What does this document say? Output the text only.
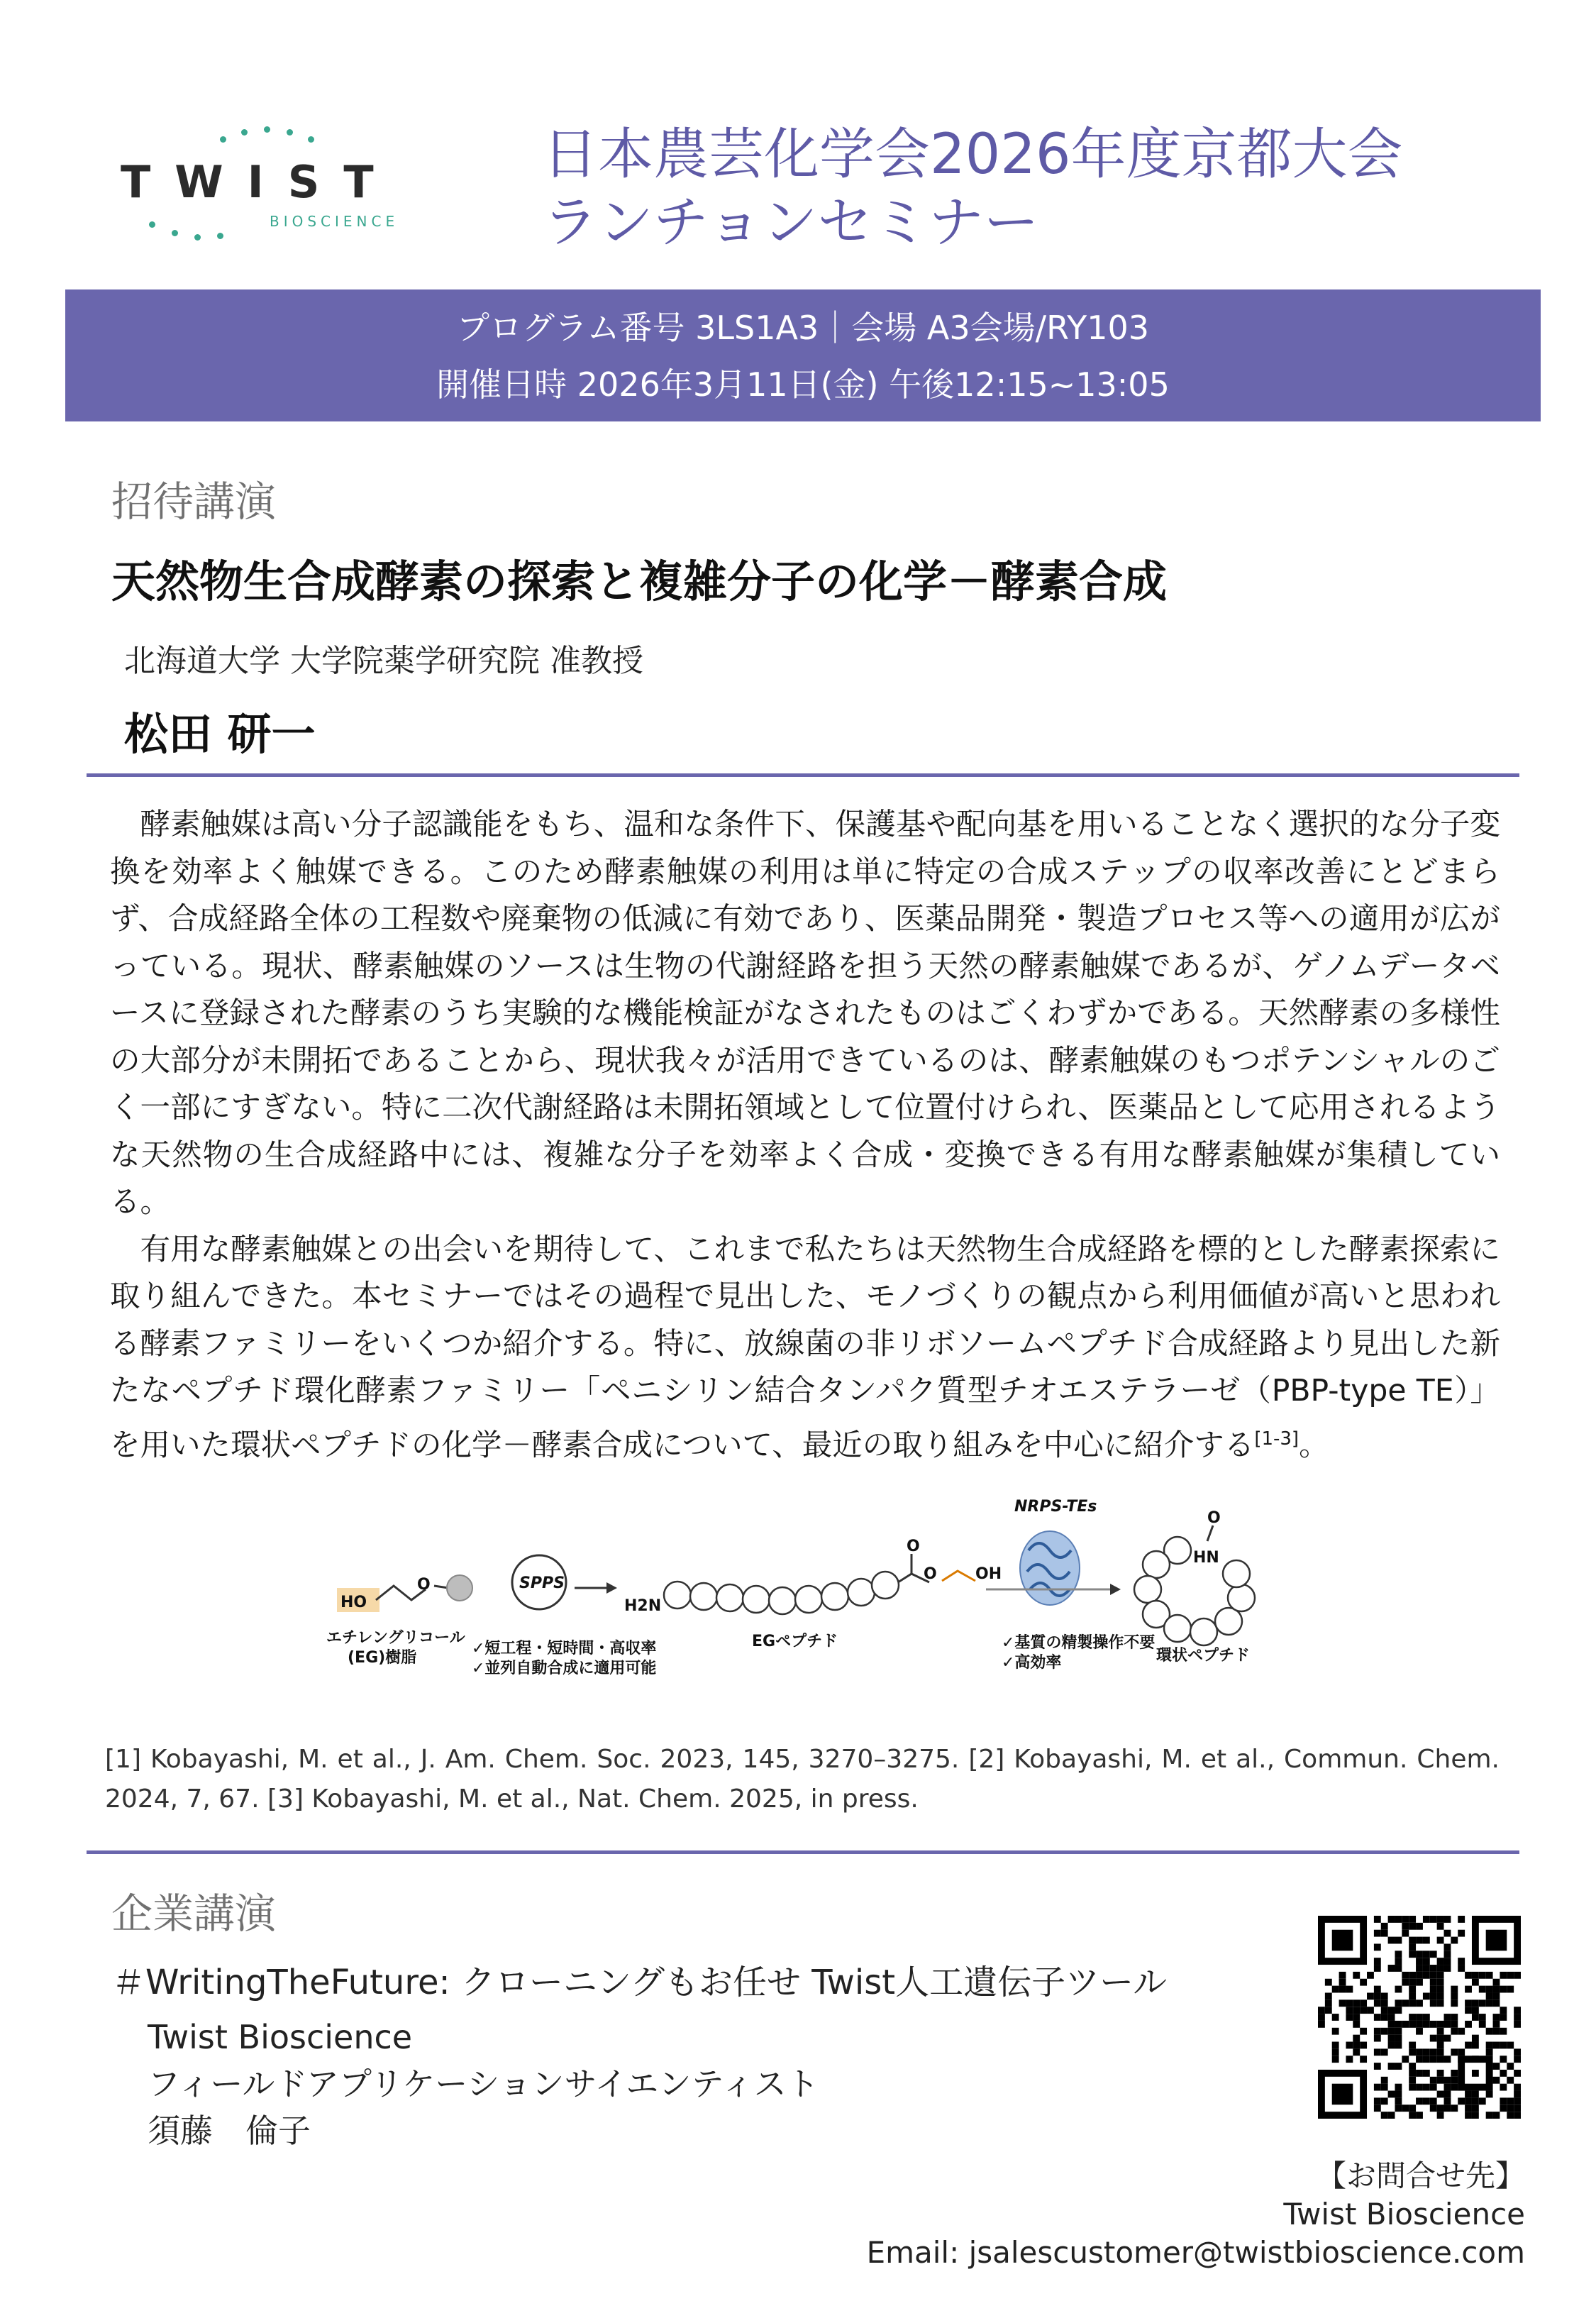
TWIST
BIOSCIENCE
日本農芸化学会2026年度京都大会
ランチョンセミナー
プログラム番号 3LS1A3｜会場 A3会場/RY103
開催日時 2026年3月11日(金) 午後12:15~13:05
招待講演
天然物生合成酵素の探索と複雑分子の化学－酵素合成
北海道大学 大学院薬学研究院 准教授
松田 研一

酵素触媒は高い分子認識能をもち、温和な条件下、保護基や配向基を用いることなく選択的な分子変換を効率よく触媒できる。このため酵素触媒の利用は単に特定の合成ステップの収率改善にとどまらず、合成経路全体の工程数や廃棄物の低減に有効であり、医薬品開発・製造プロセス等への適用が広がっている。現状、酵素触媒のソースは生物の代謝経路を担う天然の酵素触媒であるが、ゲノムデータベースに登録された酵素のうち実験的な機能検証がなされたものはごくわずかである。天然酵素の多様性の大部分が未開拓であることから、現状我々が活用できているのは、酵素触媒のもつポテンシャルのごく一部にすぎない。特に二次代謝経路は未開拓領域として位置付けられ、医薬品として応用されるような天然物の生合成経路中には、複雑な分子を効率よく合成・変換できる有用な酵素触媒が集積している。

有用な酵素触媒との出会いを期待して、これまで私たちは天然物生合成経路を標的とした酵素探索に取り組んできた。本セミナーではその過程で見出した、モノづくりの観点から利用価値が高いと思われる酵素ファミリーをいくつか紹介する。特に、放線菌の非リボソームペプチド合成経路より見出した新たなペプチド環化酵素ファミリー「ペニシリン結合タンパク質型チオエステラーゼ（PBP-type TE）」を用いた環状ペプチドの化学－酵素合成について、最近の取り組みを中心に紹介する[1-3]。

HO
O
エチレングリコール
(EG)樹脂
SPPS
✓短工程・短時間・高収率
✓並列自動合成に適用可能
H2N
O
O OH
EGペプチド
NRPS-TEs
✓基質の精製操作不要
✓高効率
O
HN
環状ペプチド
[1] Kobayashi, M. et al., J. Am. Chem. Soc. 2023, 145, 3270–3275. [2] Kobayashi, M. et al., Commun. Chem. 2024, 7, 67. [3] Kobayashi, M. et al., Nat. Chem. 2025, in press.
企業講演
＃WritingTheFuture: クローニングもお任せ Twist人工遺伝子ツール
Twist Bioscience
フィールドアプリケーションサイエンティスト
須藤　倫子
【お問合せ先】
Twist Bioscience
Email: jsalescustomer@twistbioscience.com
